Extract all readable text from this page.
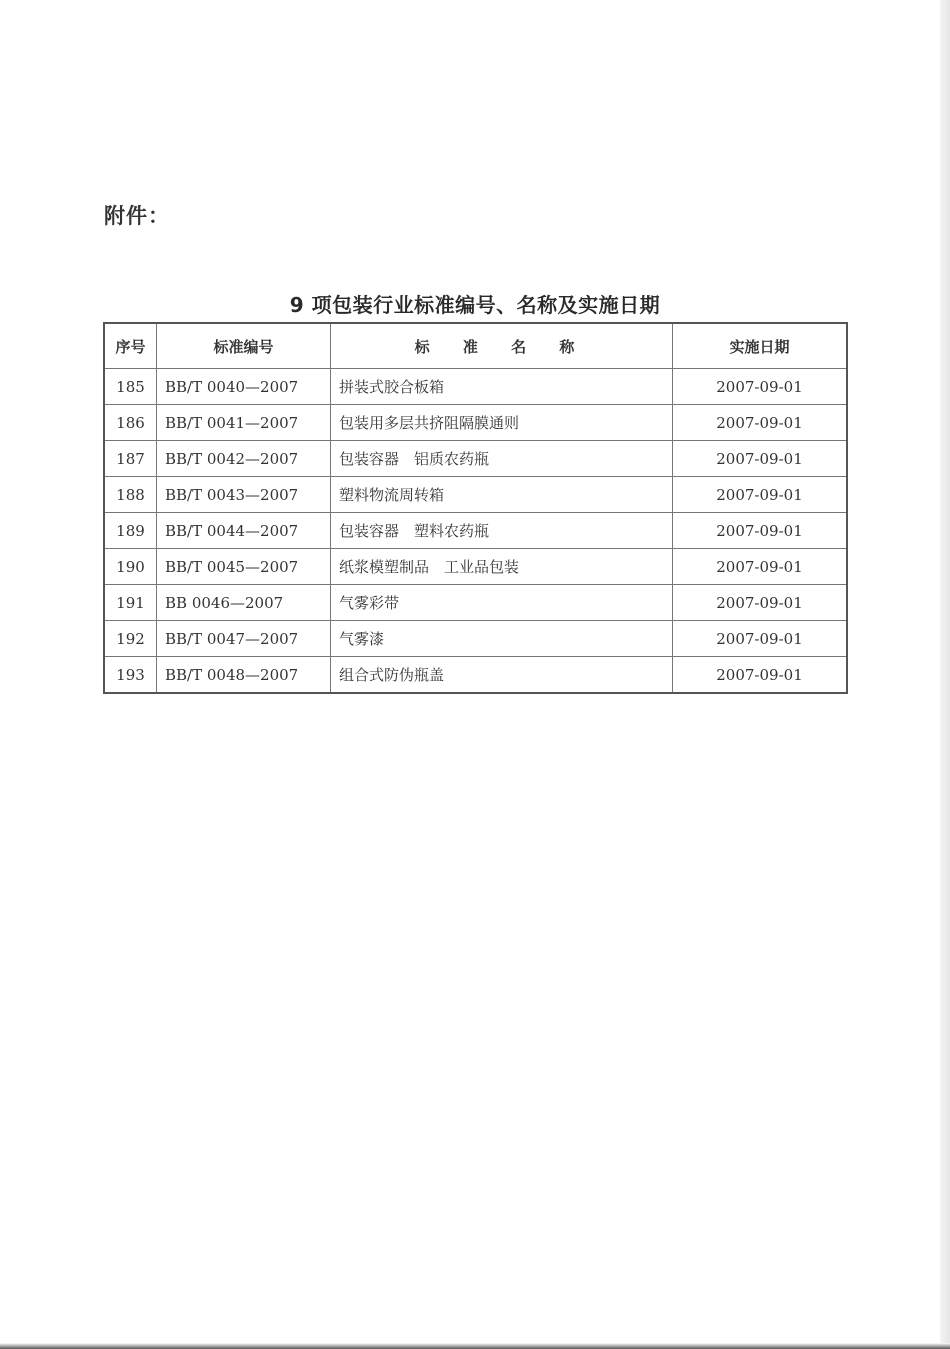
附件：
9 项包装行业标准编号、名称及实施日期
序号	标准编号	标 准 名 称	实施日期
185	BB/T 0040—2007	拼装式胶合板箱	2007-09-01
186	BB/T 0041—2007	包装用多层共挤阻隔膜通则	2007-09-01
187	BB/T 0042—2007	包装容器　铝质农药瓶	2007-09-01
188	BB/T 0043—2007	塑料物流周转箱	2007-09-01
189	BB/T 0044—2007	包装容器　塑料农药瓶	2007-09-01
190	BB/T 0045—2007	纸浆模塑制品　工业品包装	2007-09-01
191	BB 0046—2007	气雾彩带	2007-09-01
192	BB/T 0047—2007	气雾漆	2007-09-01
193	BB/T 0048—2007	组合式防伪瓶盖	2007-09-01
